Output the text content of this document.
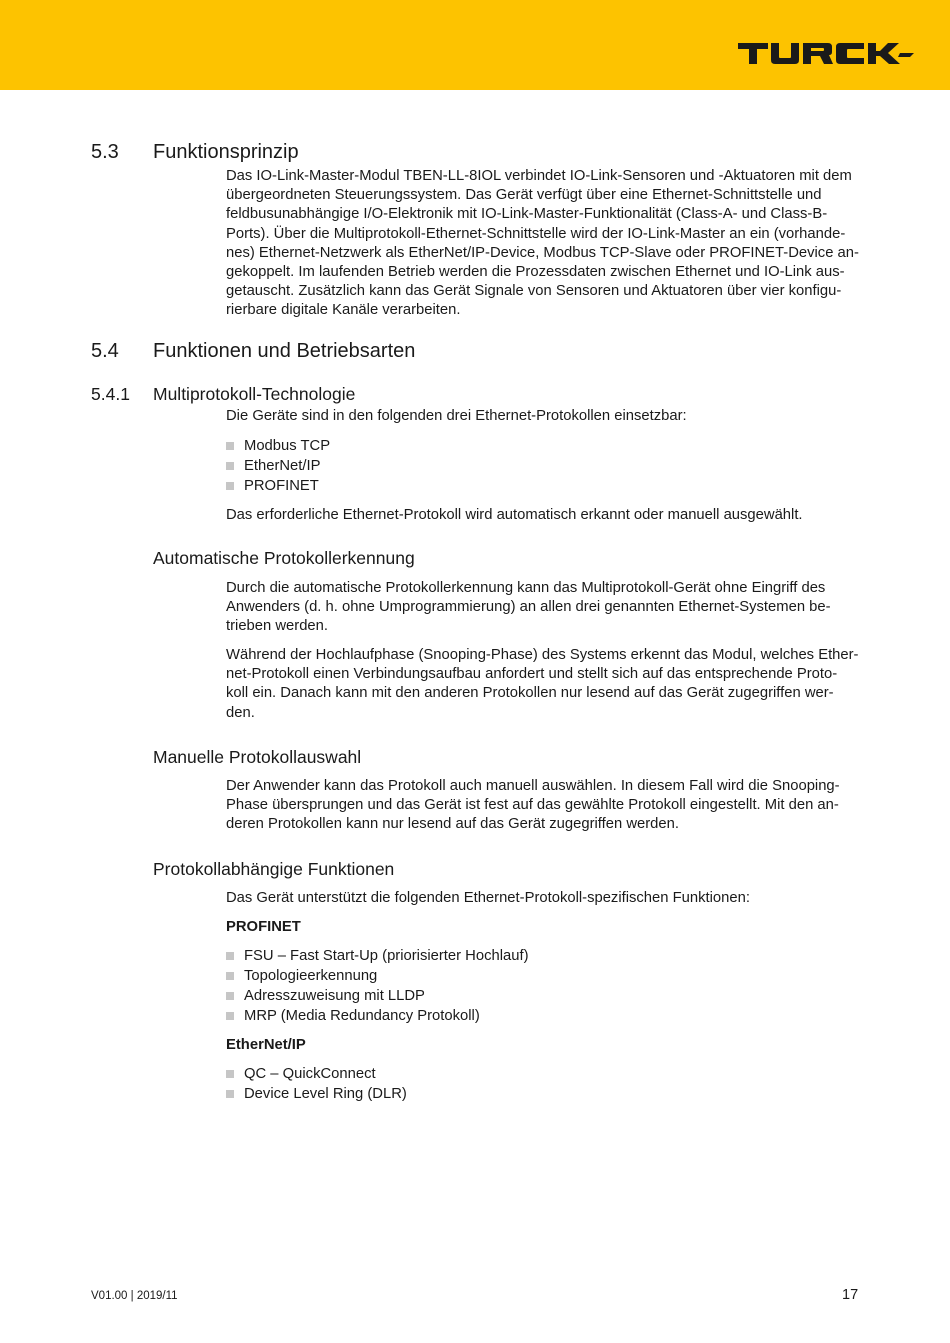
5.3 Funktionsprinzip

Das IO-Link-Master-Modul TBEN-LL-8IOL verbindet IO-Link-Sensoren und -Aktuatoren mit dem
übergeordneten Steuerungssystem. Das Gerät verfügt über eine Ethernet-Schnittstelle und
feldbusunabhängige I/O-Elektronik mit IO-Link-Master-Funktionalität (Class-A- und Class-B-
Ports). Über die Multiprotokoll-Ethernet-Schnittstelle wird der IO-Link-Master an ein (vorhande-
nes) Ethernet-Netzwerk als EtherNet/IP-Device, Modbus TCP-Slave oder PROFINET-Device an-
gekoppelt. Im laufenden Betrieb werden die Prozessdaten zwischen Ethernet und IO-Link aus-
getauscht. Zusätzlich kann das Gerät Signale von Sensoren und Aktuatoren über vier konfigu-
rierbare digitale Kanäle verarbeiten.

5.4 Funktionen und Betriebsarten
5.4.1 Multiprotokoll-Technologie

Die Geräte sind in den folgenden drei Ethernet-Protokollen einsetzbar:

Modbus TCP
EtherNet/IP
PROFINET

Das erforderliche Ethernet-Protokoll wird automatisch erkannt oder manuell ausgewählt.

Automatische Protokollerkennung

Durch die automatische Protokollerkennung kann das Multiprotokoll-Gerät ohne Eingriff des
Anwenders (d. h. ohne Umprogrammierung) an allen drei genannten Ethernet-Systemen be-
trieben werden.

Während der Hochlaufphase (Snooping-Phase) des Systems erkennt das Modul, welches Ether-
net-Protokoll einen Verbindungsaufbau anfordert und stellt sich auf das entsprechende Proto-
koll ein. Danach kann mit den anderen Protokollen nur lesend auf das Gerät zugegriffen wer-
den.

Manuelle Protokollauswahl

Der Anwender kann das Protokoll auch manuell auswählen. In diesem Fall wird die Snooping-
Phase übersprungen und das Gerät ist fest auf das gewählte Protokoll eingestellt. Mit den an-
deren Protokollen kann nur lesend auf das Gerät zugegriffen werden.

Protokollabhängige Funktionen

Das Gerät unterstützt die folgenden Ethernet-Protokoll-spezifischen Funktionen:

PROFINET
FSU – Fast Start-Up (priorisierter Hochlauf)
Topologieerkennung
Adresszuweisung mit LLDP
MRP (Media Redundancy Protokoll)
EtherNet/IP
QC – QuickConnect
Device Level Ring (DLR)
V01.00 | 2019/11	17
